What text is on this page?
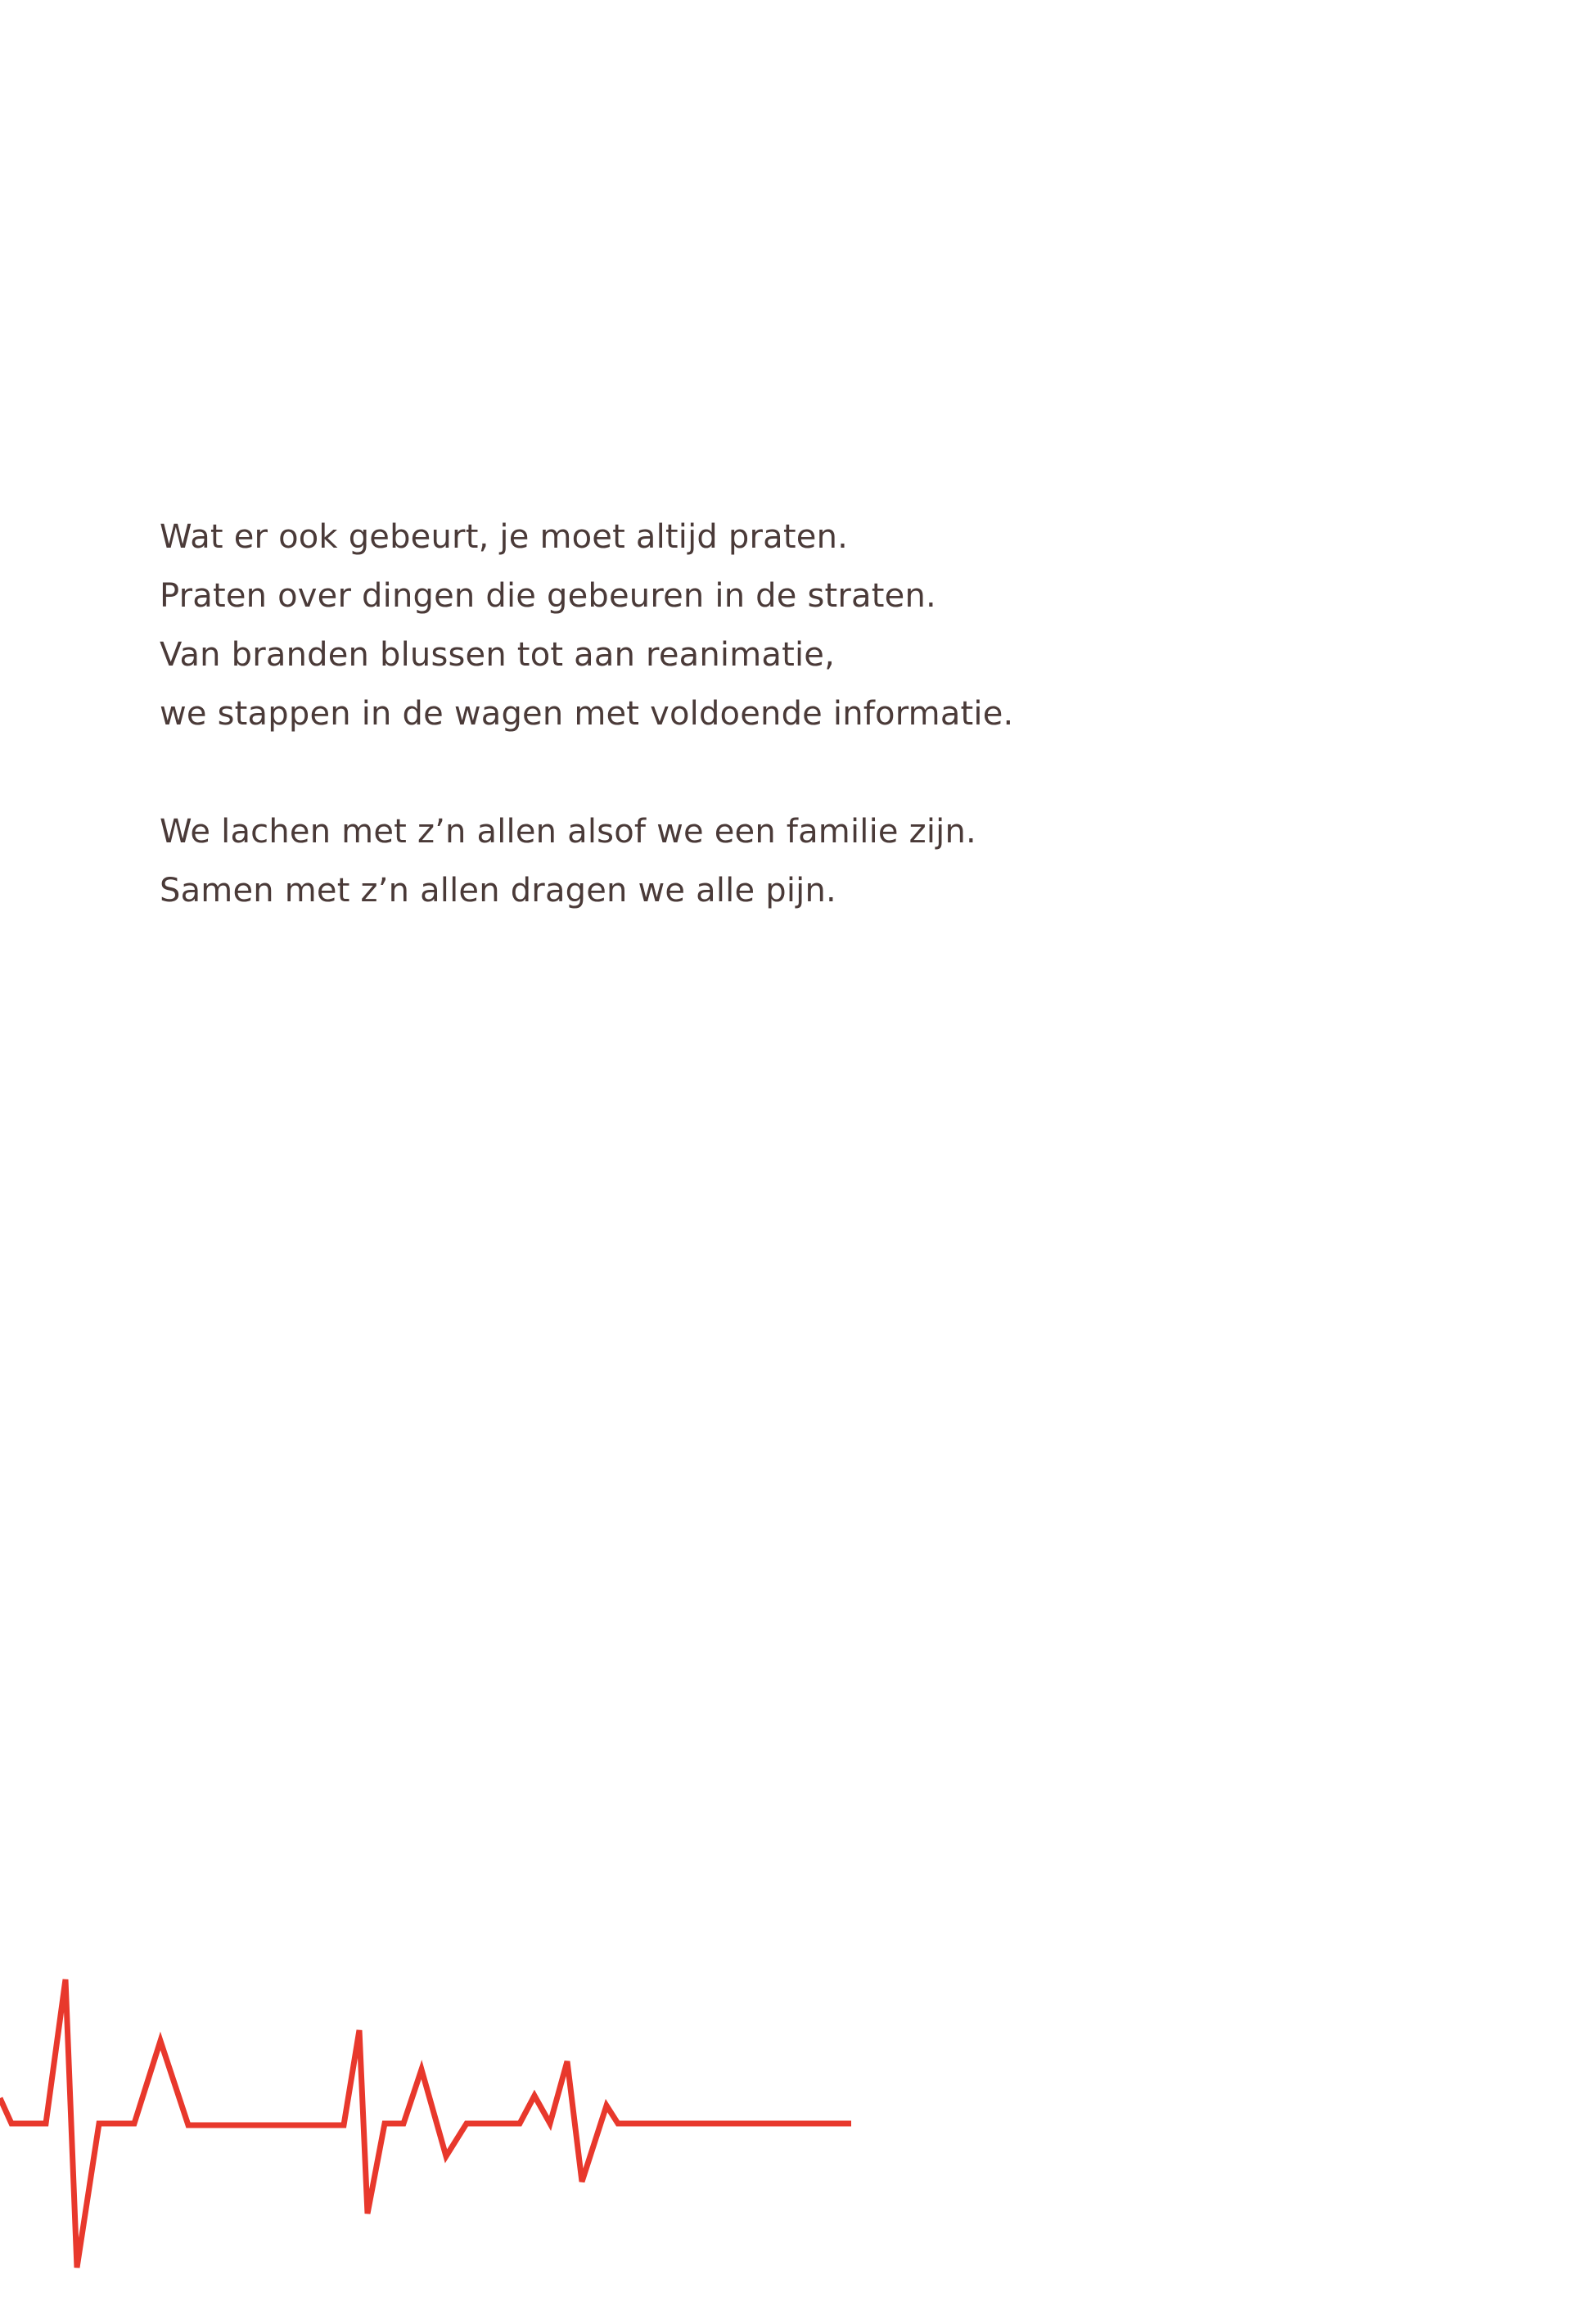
Wat er ook gebeurt, je moet altijd praten.
Praten over dingen die gebeuren in de straten.
Van branden blussen tot aan reanimatie,
we stappen in de wagen met voldoende informatie.
We lachen met z’n allen alsof we een familie zijn.
Samen met z’n allen dragen we alle pijn.
